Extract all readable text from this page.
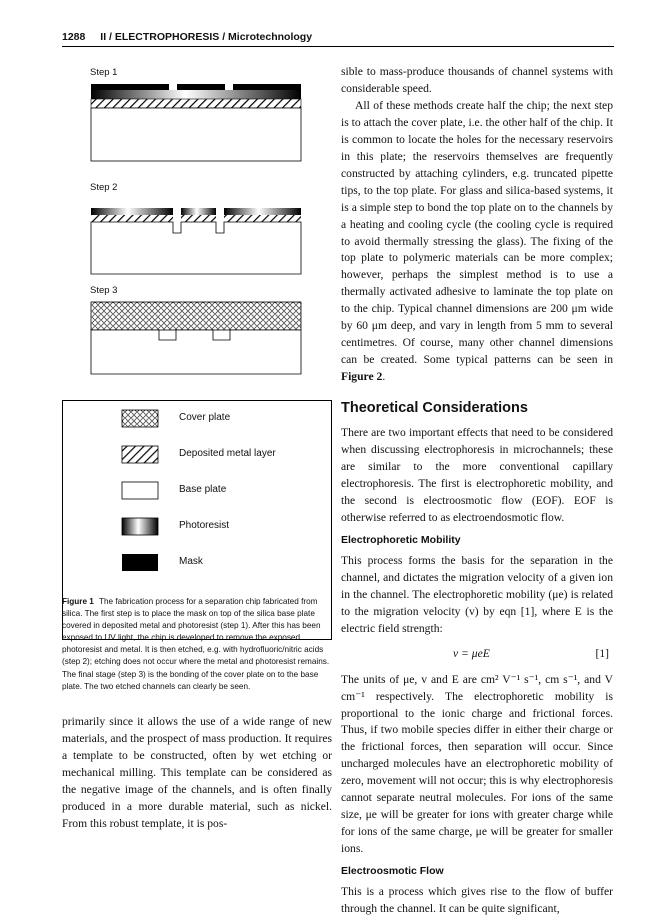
1288 II / ELECTROPHORESIS / Microtechnology
Step 1
Step 2
Step 3
Cover plate
Deposited metal layer
Base plate
Photoresist
Mask
Figure 1 The fabrication process for a separation chip fabricated from silica. The first step is to place the mask on top of the silica base plate covered in deposited metal and photoresist (step 1). After this has been exposed to UV light, the chip is developed to remove the exposed photoresist and metal. It is then etched, e.g. with hydrofluoric/nitric acids (step 2); etching does not occur where the metal and photoresist remains. The final stage (step 3) is the bonding of the cover plate on to the base plate. The two etched channels can clearly be seen.

primarily since it allows the use of a wide range of new materials, and the prospect of mass production. It requires a template to be constructed, often by wet etching or mechanical milling. This template can be considered as the negative image of the channels, and is often finally produced in a more durable material, such as nickel. From this robust template, it is pos-

sible to mass-produce thousands of channel systems with considerable speed.

All of these methods create half the chip; the next step is to attach the cover plate, i.e. the other half of the chip. It is common to locate the holes for the necessary reservoirs in this plate; the reservoirs themselves are frequently constructed by attaching cylinders, e.g. truncated pipette tips, to the top plate. For glass and silica-based systems, it is a simple step to bond the top plate on to the channels by a heating and cooling cycle (the cooling cycle is required to avoid thermally stressing the glass). The fixing of the top plate to polymeric materials can be more complex; however, perhaps the simplest method is to use a thermally activated adhesive to laminate the top plate on to the chip. Typical channel dimensions are 200 μm wide by 60 μm deep, and vary in length from 5 mm to several centimetres. Of course, many other channel dimensions can be created. Some typical patterns can be seen in Figure 2.

Theoretical Considerations

There are two important effects that need to be considered when discussing electrophoresis in microchannels; these are similar to the more conventional capillary electrophoresis. The first is electrophoretic mobility, and the second is electroosmotic flow (EOF). EOF is otherwise referred to as electroendosmotic flow.

Electrophoretic Mobility

This process forms the basis for the separation in the channel, and dictates the migration velocity of a given ion in the channel. The electrophoretic mobility (μe) is related to the migration velocity (v) by eqn [1], where E is the electric field strength:

v = μeE	[1]

The units of μe, v and E are cm² V⁻¹ s⁻¹, cm s⁻¹, and V cm⁻¹ respectively. The electrophoretic mobility is proportional to the ionic charge and frictional forces. Thus, if two mobile species differ in either their charge or the frictional forces, then separation will occur. Since uncharged molecules have an electrophoretic mobility of zero, movement will not occur; this is why electrophoresis cannot separate neutral molecules. For ions of the same size, μe will be greater for ions with greater charge while for ions of the same charge, μe will be greater for smaller ions.

Electroosmotic Flow

This is a process which gives rise to the flow of buffer through the channel. It can be quite significant,
